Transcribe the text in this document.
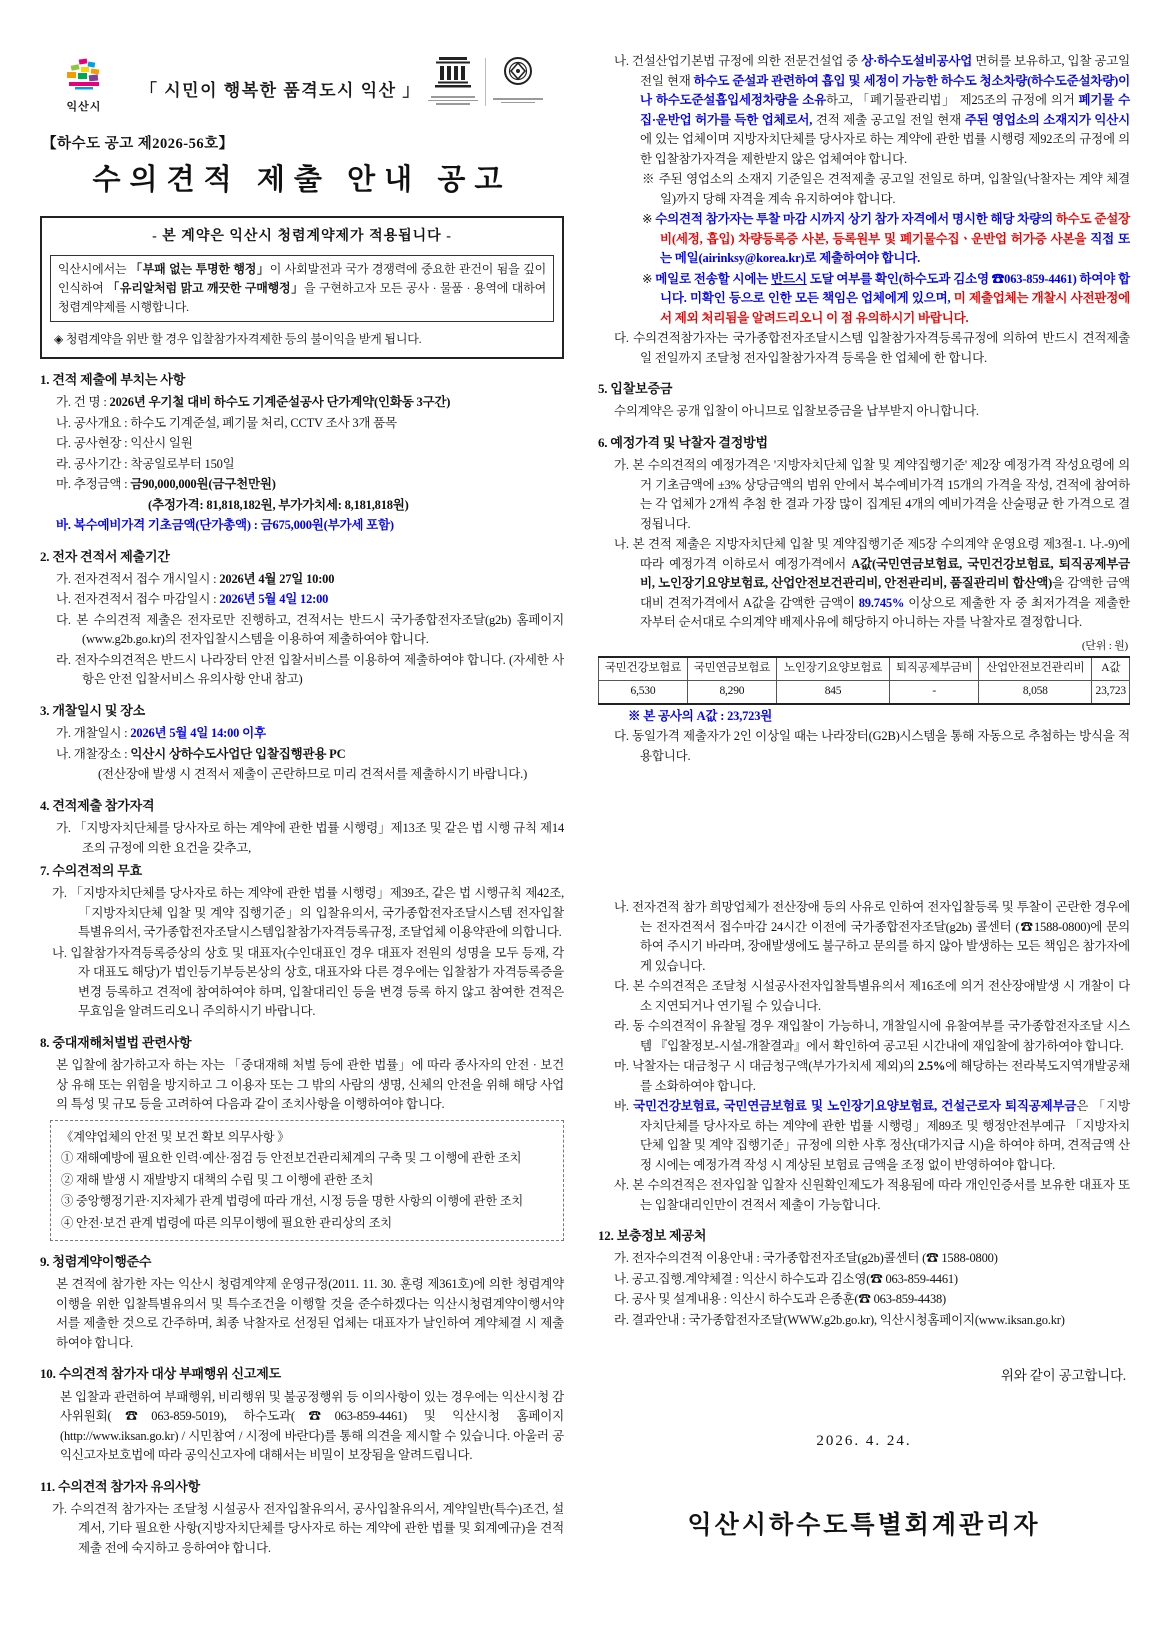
익산시
「 시민이 행복한 품격도시 익산 」
【하수도 공고 제2026-56호】
수의견적 제출 안내 공고
- 본 계약은 익산시 청렴계약제가 적용됩니다 -
익산시에서는 「부패 없는 투명한 행정」이 사회발전과 국가 경쟁력에 중요한 관건이 됨을 깊이 인식하여 「유리알처럼 맑고 깨끗한 구매행정」을 구현하고자 모든 공사 · 물품 · 용역에 대하여 청렴계약제를 시행합니다.
◈ 청렴계약을 위반 할 경우 입찰참가자격제한 등의 불이익을 받게 됩니다.
1. 견적 제출에 부치는 사항
가. 건 명 : 2026년 우기철 대비 하수도 기계준설공사 단가계약(인화동 3구간)
나. 공사개요 : 하수도 기계준설, 폐기물 처리, CCTV 조사 3개 품목
다. 공사현장 : 익산시 일원
라. 공사기간 : 착공일로부터 150일
마. 추정금액 : 금90,000,000원(금구천만원)
(추정가격: 81,818,182원, 부가가치세: 8,181,818원)
바. 복수예비가격 기초금액(단가총액) : 금675,000원(부가세 포함)
2. 전자 견적서 제출기간
가. 전자견적서 접수 개시일시 : 2026년 4월 27일 10:00
나. 전자견적서 접수 마감일시 : 2026년 5월 4일 12:00
다. 본 수의견적 제출은 전자로만 진행하고, 견적서는 반드시 국가종합전자조달(g2b) 홈페이지(www.g2b.go.kr)의 전자입찰시스템을 이용하여 제출하여야 합니다.
라. 전자수의견적은 반드시 나라장터 안전 입찰서비스를 이용하여 제출하여야 합니다. (자세한 사항은 안전 입찰서비스 유의사항 안내 참고)
3. 개찰일시 및 장소
가. 개찰일시 : 2026년 5월 4일 14:00 이후
나. 개찰장소 : 익산시 상하수도사업단 입찰집행관용 PC
(전산장애 발생 시 견적서 제출이 곤란하므로 미리 견적서를 제출하시기 바랍니다.)
4. 견적제출 참가자격
가. 「지방자치단체를 당사자로 하는 계약에 관한 법률 시행령」제13조 및 같은 법 시행 규칙 제14조의 규정에 의한 요건을 갖추고,
나. 건설산업기본법 규정에 의한 전문건설업 중 상·하수도설비공사업 면허를 보유하고, 입찰 공고일 전일 현재 하수도 준설과 관련하여 흡입 및 세정이 가능한 하수도 청소차량(하수도준설차량)이나 하수도준설흡입세정차량을 소유하고, 「폐기물관리법」 제25조의 규정에 의거 폐기물 수집·운반업 허가를 득한 업체로서, 견적 제출 공고일 전일 현재 주된 영업소의 소재지가 익산시에 있는 업체이며 지방자치단체를 당사자로 하는 계약에 관한 법률 시행령 제92조의 규정에 의한 입찰참가자격을 제한받지 않은 업체여야 합니다.
※ 주된 영업소의 소재지 기준일은 견적제출 공고일 전일로 하며, 입찰일(낙찰자는 계약 체결일)까지 당해 자격을 계속 유지하여야 합니다.
※ 수의견적 참가자는 투찰 마감 시까지 상기 참가 자격에서 명시한 해당 차량의 하수도 준설장비(세정, 흡입) 차량등록증 사본, 등록원부 및 폐기물수집ㆍ운반업 허가증 사본을 직접 또는 메일(airinksy@korea.kr)로 제출하여야 합니다.
※ 메일로 전송할 시에는 반드시 도달 여부를 확인(하수도과 김소영 ☎063-859-4461) 하여야 합니다. 미확인 등으로 인한 모든 책임은 업체에게 있으며, 미 제출업체는 개찰시 사전판정에서 제외 처리됨을 알려드리오니 이 점 유의하시기 바랍니다.
다. 수의견적참가자는 국가종합전자조달시스템 입찰참가자격등록규정에 의하여 반드시 견적제출일 전일까지 조달청 전자입찰참가자격 등록을 한 업체에 한 합니다.
5. 입찰보증금
수의계약은 공개 입찰이 아니므로 입찰보증금을 납부받지 아니합니다.
6. 예정가격 및 낙찰자 결정방법
가. 본 수의견적의 예정가격은 '지방자치단체 입찰 및 계약집행기준' 제2장 예정가격 작성요령에 의거 기초금액에 ±3% 상당금액의 범위 안에서 복수예비가격 15개의 가격을 작성, 견적에 참여하는 각 업체가 2개씩 추첨 한 결과 가장 많이 집계된 4개의 예비가격을 산술평균 한 가격으로 결정됩니다.
나. 본 견적 제출은 지방자치단체 입찰 및 계약집행기준 제5장 수의계약 운영요령 제3절-1. 나.-9)에 따라 예정가격 이하로서 예정가격에서 A값(국민연금보험료, 국민건강보험료, 퇴직공제부금비, 노인장기요양보험료, 산업안전보건관리비, 안전관리비, 품질관리비 합산액)을 감액한 금액 대비 견적가격에서 A값을 감액한 금액이 89.745% 이상으로 제출한 자 중 최저가격을 제출한 자부터 순서대로 수의계약 배제사유에 해당하지 아니하는 자를 낙찰자로 결정합니다.
(단위 : 원)
국민건강보험료	국민연금보험료	노인장기요양보험료	퇴직공제부금비	산업안전보건관리비	A값
6,530	8,290	845	-	8,058	23,723
※ 본 공사의 A값 : 23,723원
다. 동일가격 제출자가 2인 이상일 때는 나라장터(G2B)시스템을 통해 자동으로 추첨하는 방식을 적용합니다.
7. 수의견적의 무효
가. 「지방자치단체를 당사자로 하는 계약에 관한 법률 시행령」제39조, 같은 법 시행규칙 제42조,「지방자치단체 입찰 및 계약 집행기준」의 입찰유의서, 국가종합전자조달시스템 전자입찰특별유의서, 국가종합전자조달시스템입찰참가자격등록규정, 조달업체 이용약관에 의합니다.
나. 입찰참가자격등록증상의 상호 및 대표자(수인대표인 경우 대표자 전원의 성명을 모두 등재, 각자 대표도 해당)가 법인등기부등본상의 상호, 대표자와 다른 경우에는 입찰참가 자격등록증을 변경 등록하고 견적에 참여하여야 하며, 입찰대리인 등을 변경 등록 하지 않고 참여한 견적은 무효임을 알려드리오니 주의하시기 바랍니다.
8. 중대재해처벌법 관련사항
본 입찰에 참가하고자 하는 자는 「중대재해 처벌 등에 관한 법률」에 따라 종사자의 안전 · 보건상 유해 또는 위험을 방지하고 그 이용자 또는 그 밖의 사람의 생명, 신체의 안전을 위해 해당 사업의 특성 및 규모 등을 고려하여 다음과 같이 조치사항을 이행하여야 합니다.
《계약업체의 안전 및 보건 확보 의무사항 》
① 재해예방에 필요한 인력·예산·점검 등 안전보건관리체계의 구축 및 그 이행에 관한 조치
② 재해 발생 시 재발방지 대책의 수립 및 그 이행에 관한 조치
③ 중앙행정기관·지자체가 관계 법령에 따라 개선, 시정 등을 명한 사항의 이행에 관한 조치
④ 안전·보건 관계 법령에 따른 의무이행에 필요한 관리상의 조치
9. 청렴계약이행준수
본 견적에 참가한 자는 익산시 청렴계약제 운영규정(2011. 11. 30. 훈령 제361호)에 의한 청렴계약이행을 위한 입찰특별유의서 및 특수조건을 이행할 것을 준수하겠다는 익산시청렴계약이행서약서를 제출한 것으로 간주하며, 최종 낙찰자로 선정된 업체는 대표자가 날인하여 계약체결 시 제출하여야 합니다.
10. 수의견적 참가자 대상 부패행위 신고제도
본 입찰과 관련하여 부패행위, 비리행위 및 불공정행위 등 이의사항이 있는 경우에는 익산시청 감사위원회(☎063-859-5019), 하수도과(☎063-859-4461) 및 익산시청 홈페이지 (http://www.iksan.go.kr) / 시민참여 / 시정에 바란다)를 통해 의견을 제시할 수 있습니다. 아울러 공익신고자보호법에 따라 공익신고자에 대해서는 비밀이 보장됨을 알려드립니다.
11. 수의견적 참가자 유의사항
가. 수의견적 참가자는 조달청 시설공사 전자입찰유의서, 공사입찰유의서, 계약일반(특수)조건, 설계서, 기타 필요한 사항(지방자치단체를 당사자로 하는 계약에 관한 법률 및 회계예규)을 견적제출 전에 숙지하고 응하여야 합니다.
나. 전자견적 참가 희망업체가 전산장애 등의 사유로 인하여 전자입찰등록 및 투찰이 곤란한 경우에는 전자견적서 접수마감 24시간 이전에 국가종합전자조달(g2b) 콜센터 (☎1588-0800)에 문의하여 주시기 바라며, 장애발생에도 불구하고 문의를 하지 않아 발생하는 모든 책임은 참가자에게 있습니다.
다. 본 수의견적은 조달청 시설공사전자입찰특별유의서 제16조에 의거 전산장애발생 시 개찰이 다소 지연되거나 연기될 수 있습니다.
라. 동 수의견적이 유찰될 경우 재입찰이 가능하니, 개찰일시에 유찰여부를 국가종합전자조달 시스템 『입찰정보-시설-개찰결과』에서 확인하여 공고된 시간내에 재입찰에 참가하여야 합니다.
마. 낙찰자는 대금청구 시 대금청구액(부가가치세 제외)의 2.5%에 해당하는 전라북도지역개발공채를 소화하여야 합니다.
바. 국민건강보험료, 국민연금보험료 및 노인장기요양보험료, 건설근로자 퇴직공제부금은 「지방자치단체를 당사자로 하는 계약에 관한 법률 시행령」제89조 및 행정안전부예규 「지방자치단체 입찰 및 계약 집행기준」규정에 의한 사후 정산(대가지급 시)을 하여야 하며, 견적금액 산정 시에는 예정가격 작성 시 계상된 보험료 금액을 조정 없이 반영하여야 합니다.
사. 본 수의견적은 전자입찰 입찰자 신원확인제도가 적용됨에 따라 개인인증서를 보유한 대표자 또는 입찰대리인만이 견적서 제출이 가능합니다.
12. 보충정보 제공처
가. 전자수의견적 이용안내 : 국가종합전자조달(g2b)콜센터 (☎ 1588-0800)
나. 공고.집행.계약체결 : 익산시 하수도과 김소영(☎ 063-859-4461)
다. 공사 및 설계내용 : 익산시 하수도과 은종훈(☎ 063-859-4438)
라. 결과안내 : 국가종합전자조달(WWW.g2b.go.kr), 익산시청홈페이지(www.iksan.go.kr)
위와 같이 공고합니다.
2026. 4. 24.
익산시하수도특별회계관리자
